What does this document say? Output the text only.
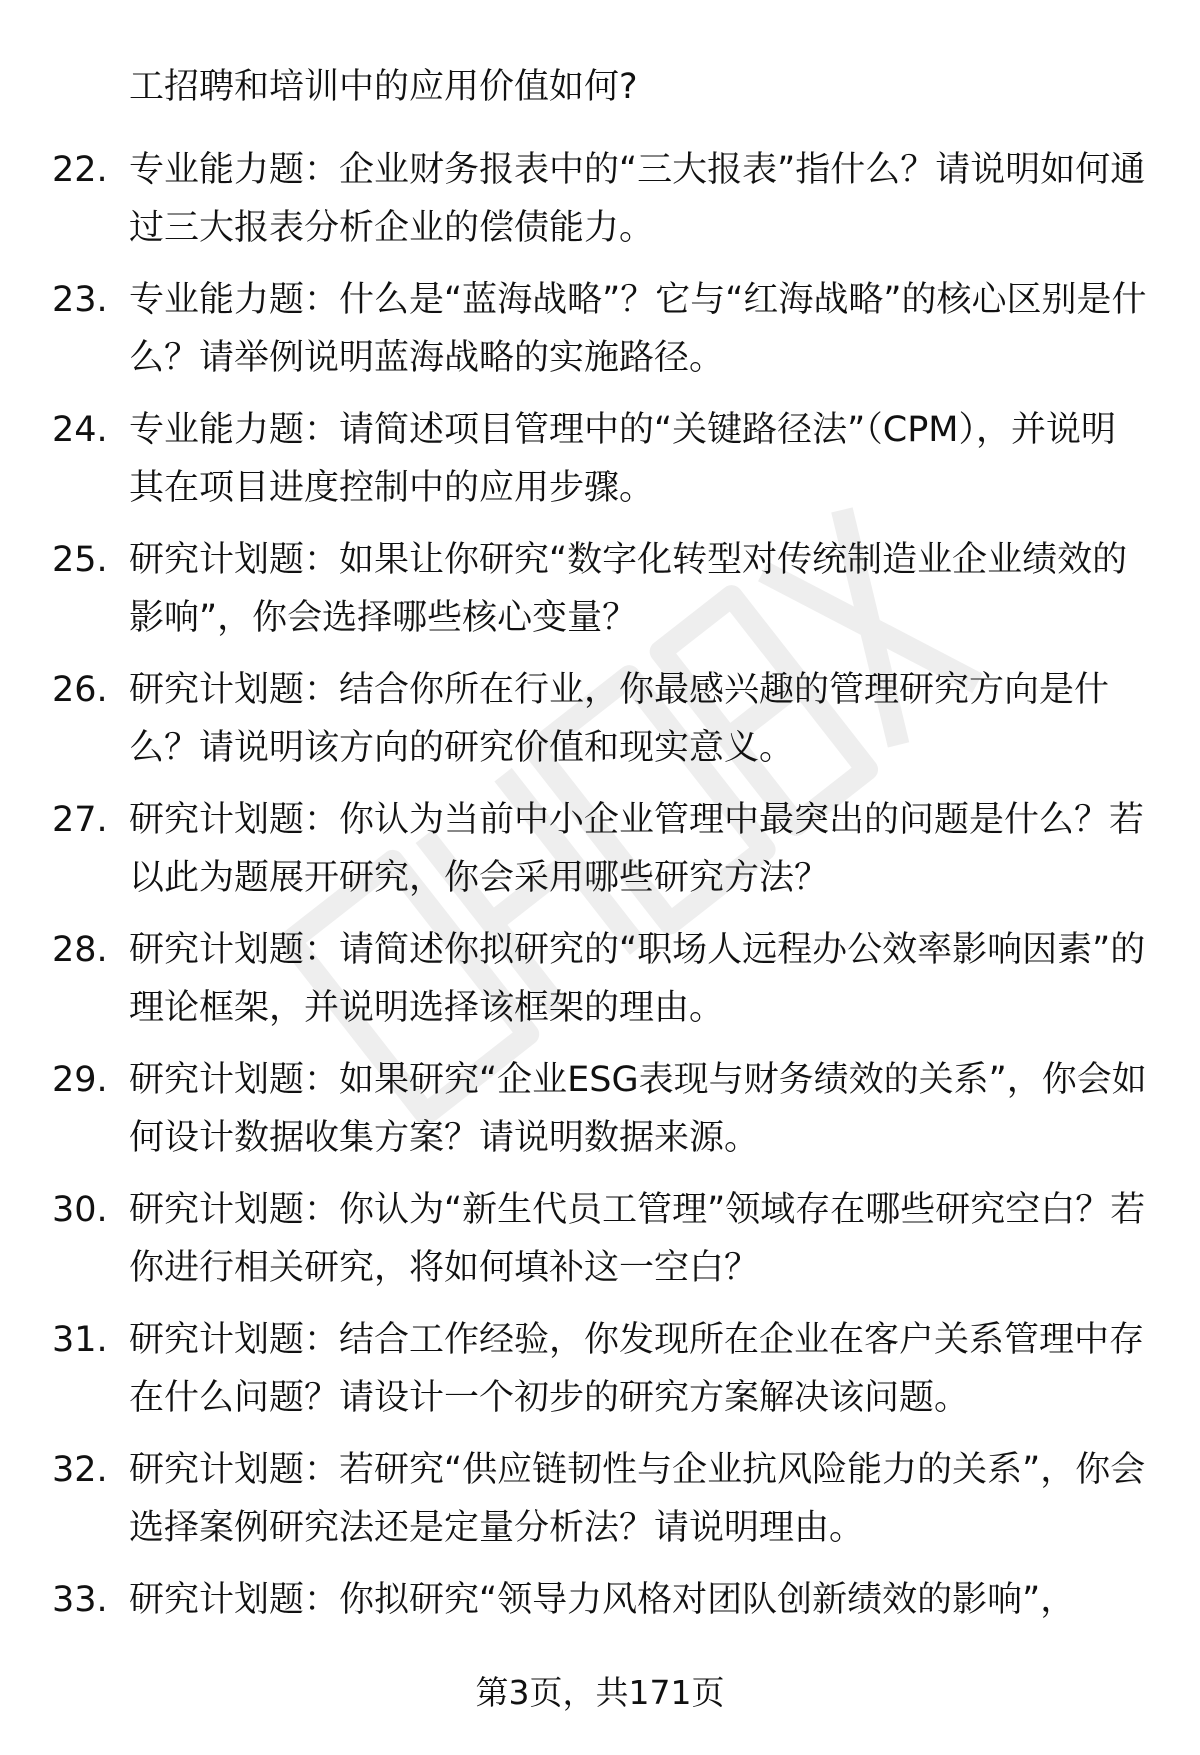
工招聘和培训中的应用价值如何?

22. 专业能力题：企业财务报表中的“三大报表”指什么？请说明如何通过三大报表分析企业的偿债能力。
23. 专业能力题：什么是“蓝海战略”？它与“红海战略”的核心区别是什么？请举例说明蓝海战略的实施路径。
24. 专业能力题：请简述项目管理中的“关键路径法”（CPM），并说明其在项目进度控制中的应用步骤。
25. 研究计划题：如果让你研究“数字化转型对传统制造业企业绩效的影响”，你会选择哪些核心变量？
26. 研究计划题：结合你所在行业，你最感兴趣的管理研究方向是什么？请说明该方向的研究价值和现实意义。
27. 研究计划题：你认为当前中小企业管理中最突出的问题是什么？若以此为题展开研究，你会采用哪些研究方法？
28. 研究计划题：请简述你拟研究的“职场人远程办公效率影响因素”的理论框架，并说明选择该框架的理由。
29. 研究计划题：如果研究“企业ESG表现与财务绩效的关系”，你会如何设计数据收集方案？请说明数据来源。
30. 研究计划题：你认为“新生代员工管理”领域存在哪些研究空白？若你进行相关研究，将如何填补这一空白？
31. 研究计划题：结合工作经验，你发现所在企业在客户关系管理中存在什么问题？请设计一个初步的研究方案解决该问题。
32. 研究计划题：若研究“供应链韧性与企业抗风险能力的关系”，你会选择案例研究法还是定量分析法？请说明理由。
33. 研究计划题：你拟研究“领导力风格对团队创新绩效的影响”，
第3页，共171页
